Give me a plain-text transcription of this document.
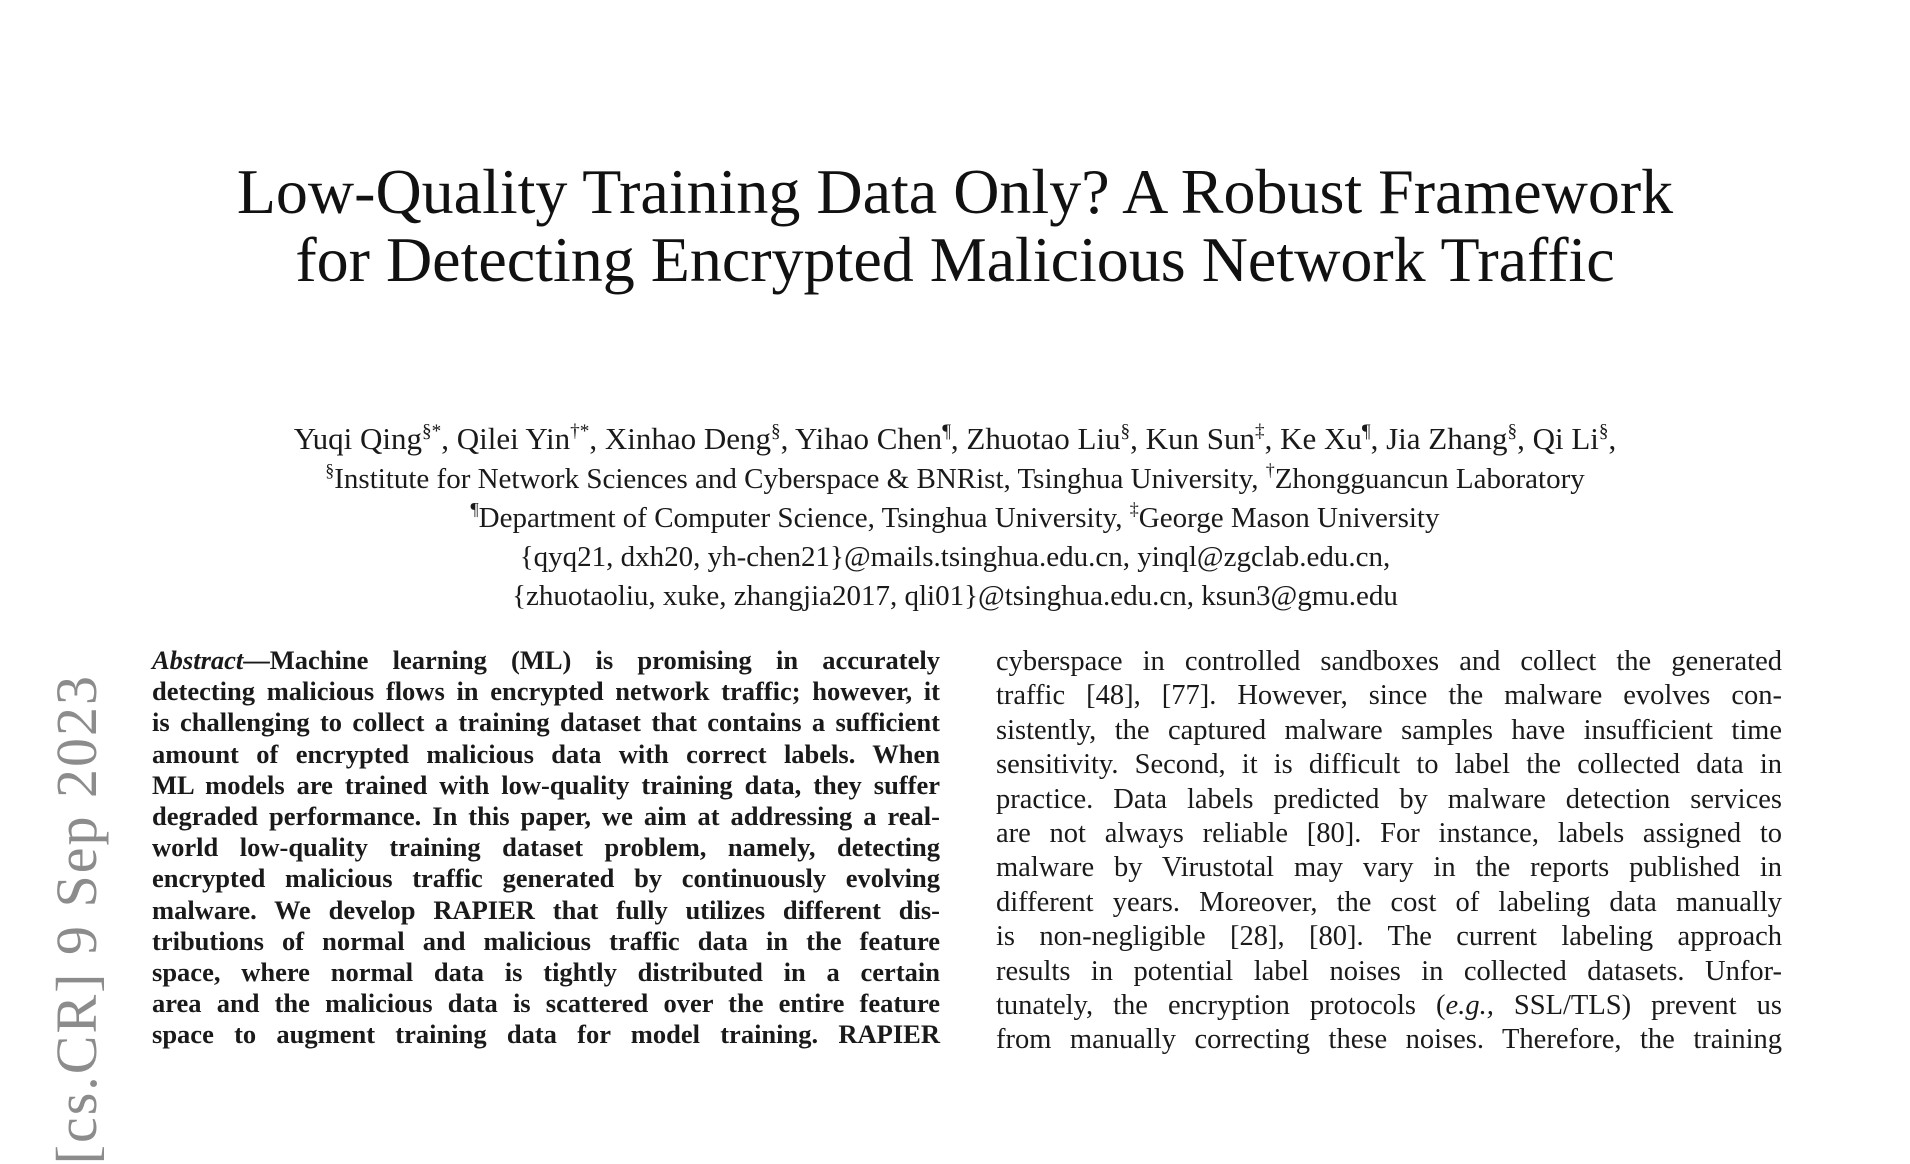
Low-Quality Training Data Only? A Robust Framework
for Detecting Encrypted Malicious Network Traffic

Yuqi Qing§*, Qilei Yin†*, Xinhao Deng§, Yihao Chen¶, Zhuotao Liu§, Kun Sun‡, Ke Xu¶, Jia Zhang§, Qi Li§,

§Institute for Network Sciences and Cyberspace & BNRist, Tsinghua University, †Zhongguancun Laboratory

¶Department of Computer Science, Tsinghua University, ‡George Mason University

{qyq21, dxh20, yh-chen21}@mails.tsinghua.edu.cn, yinql@zgclab.edu.cn,

{zhuotaoliu, xuke, zhangjia2017, qli01}@tsinghua.edu.cn, ksun3@gmu.edu

[cs.CR] 9 Sep 2023
Abstract—Machine learning (ML) is promising in accurately
detecting malicious flows in encrypted network traffic; however, it
is challenging to collect a training dataset that contains a sufficient
amount of encrypted malicious data with correct labels. When
ML models are trained with low-quality training data, they suffer
degraded performance. In this paper, we aim at addressing a real-
world low-quality training dataset problem, namely, detecting
encrypted malicious traffic generated by continuously evolving
malware. We develop RAPIER that fully utilizes different dis-
tributions of normal and malicious traffic data in the feature
space, where normal data is tightly distributed in a certain
area and the malicious data is scattered over the entire feature
space to augment training data for model training. RAPIER
cyberspace in controlled sandboxes and collect the generated
traffic [48], [77]. However, since the malware evolves con-
sistently, the captured malware samples have insufficient time
sensitivity. Second, it is difficult to label the collected data in
practice. Data labels predicted by malware detection services
are not always reliable [80]. For instance, labels assigned to
malware by Virustotal may vary in the reports published in
different years. Moreover, the cost of labeling data manually
is non-negligible [28], [80]. The current labeling approach
results in potential label noises in collected datasets. Unfor-
tunately, the encryption protocols (e.g., SSL/TLS) prevent us
from manually correcting these noises. Therefore, the training
